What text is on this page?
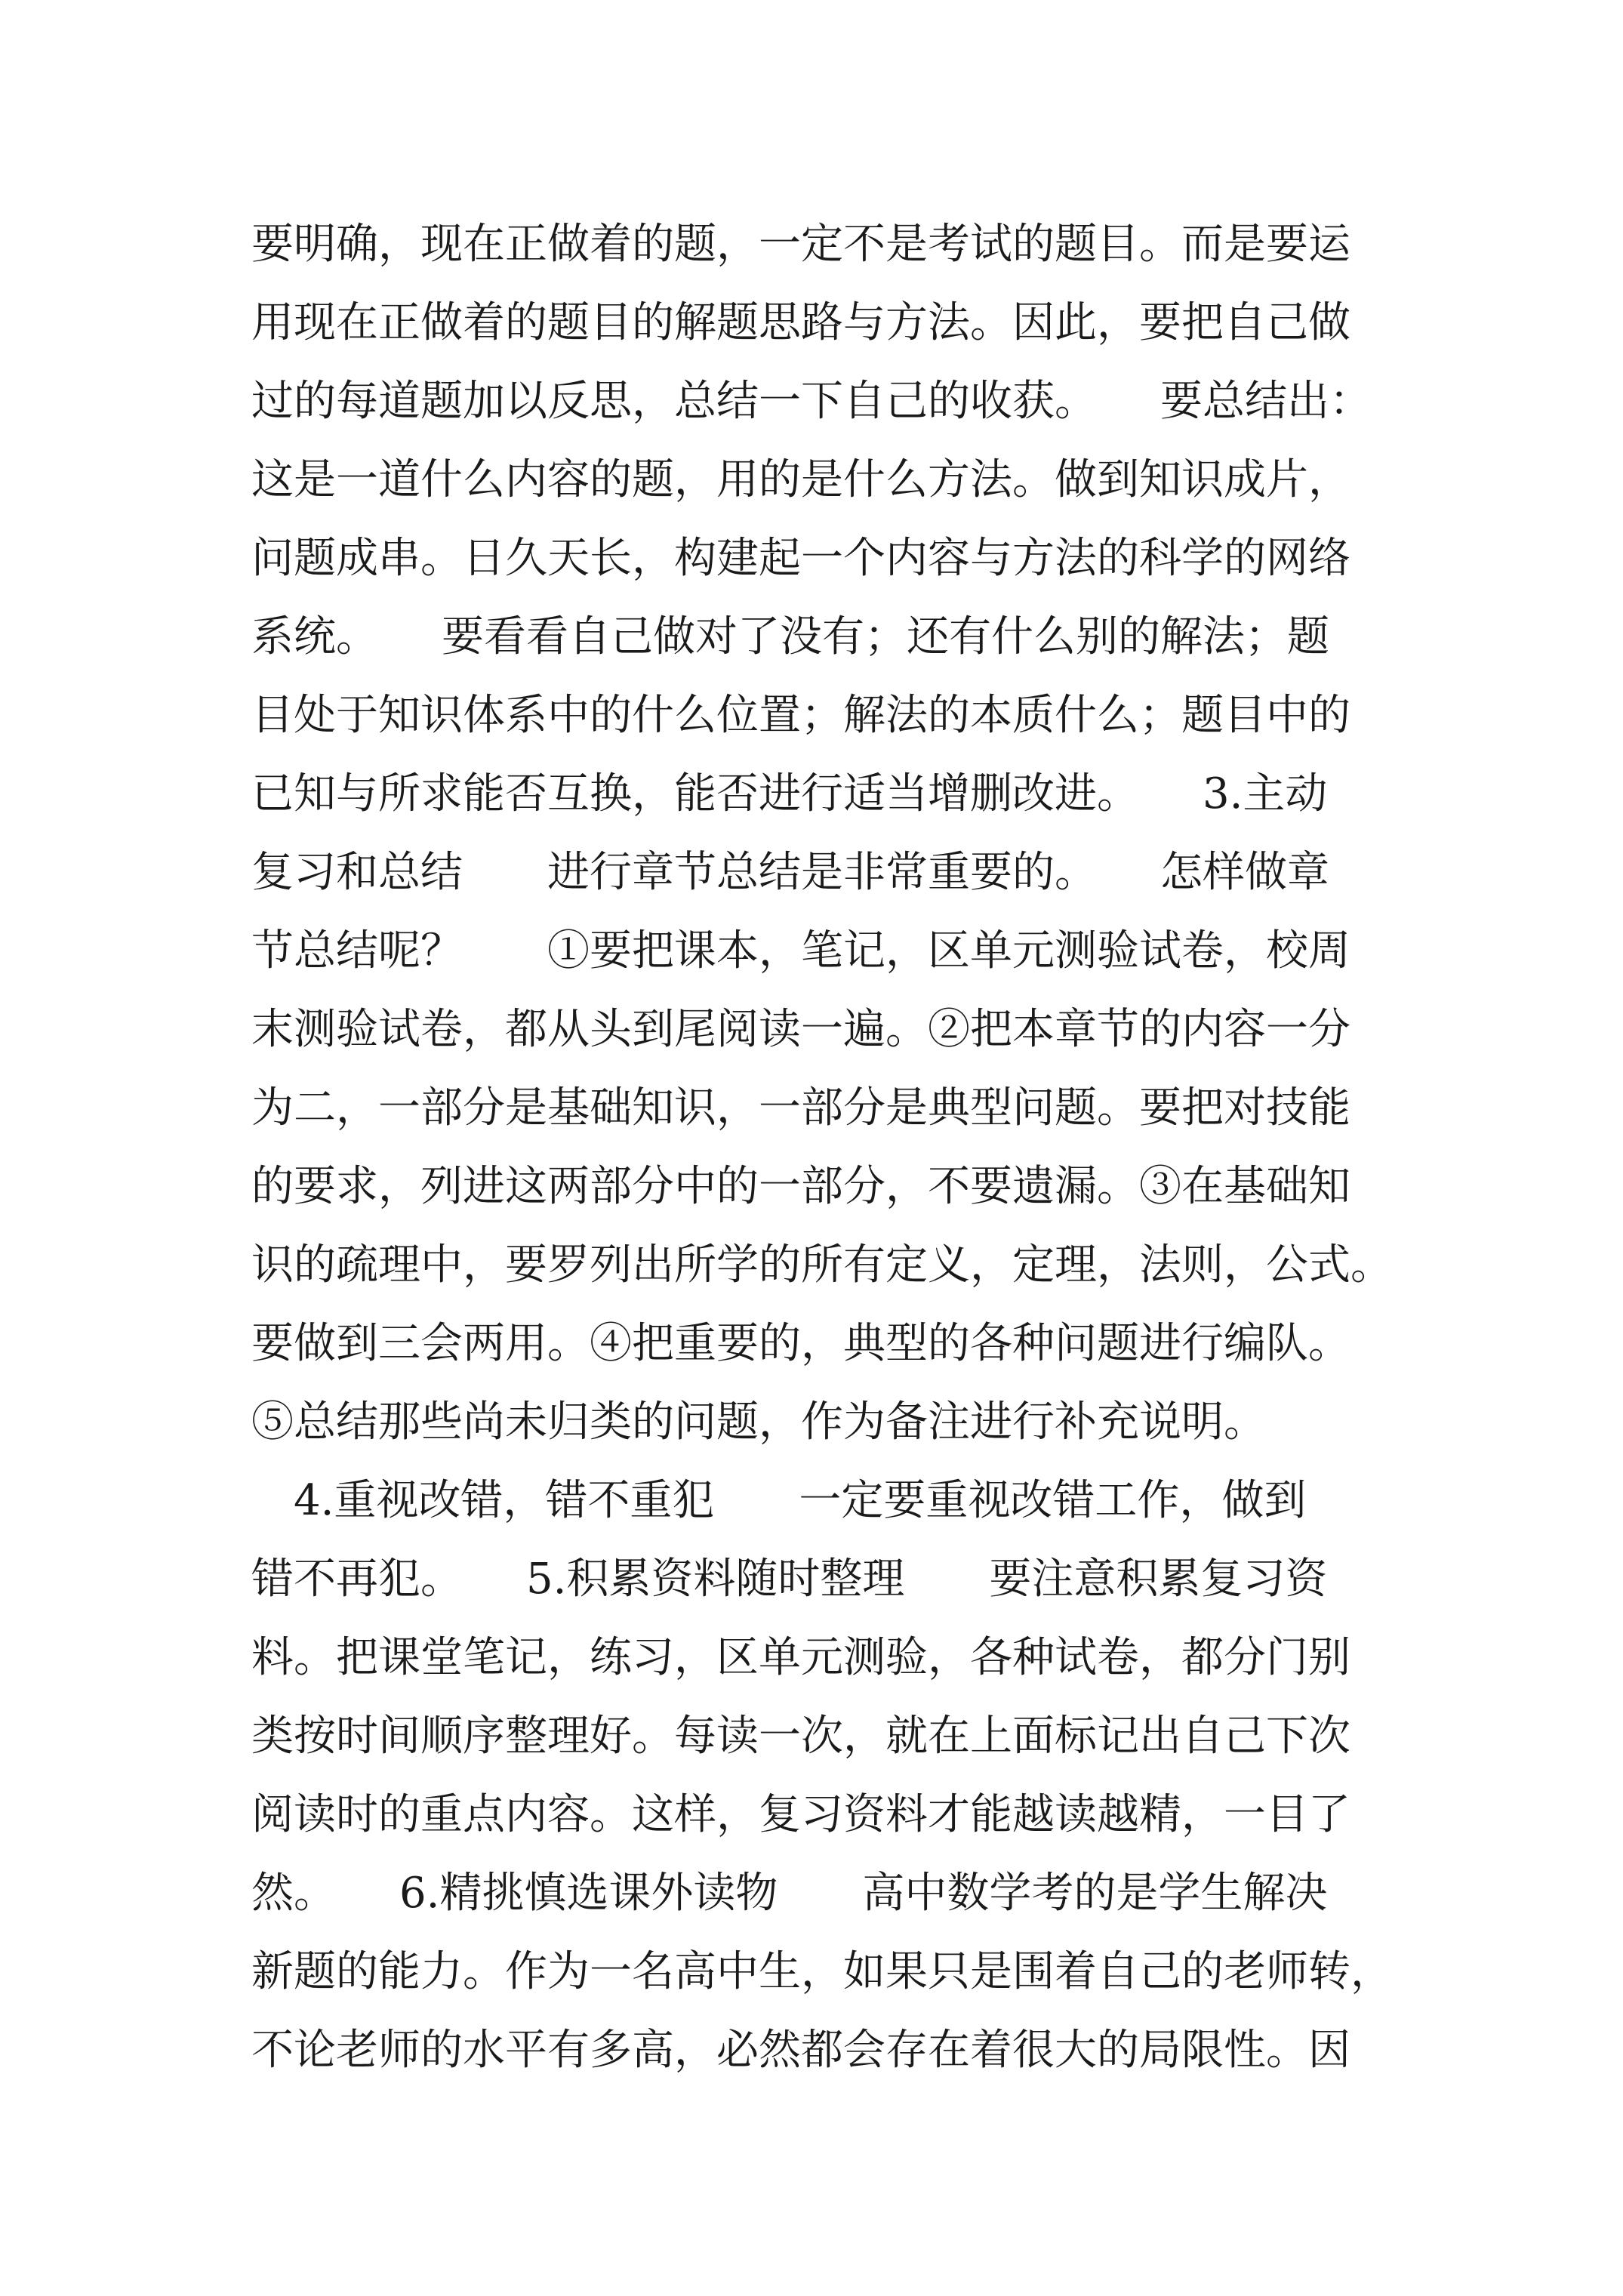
要明确，现在正做着的题，一定不是考试的题目。而是要运
用现在正做着的题目的解题思路与方法。因此，要把自己做
过的每道题加以反思，总结一下自己的收获。　　要总结出：
这是一道什么内容的题，用的是什么方法。做到知识成片，
问题成串。日久天长，构建起一个内容与方法的科学的网络
系统。　　要看看自己做对了没有；还有什么别的解法；题
目处于知识体系中的什么位置；解法的本质什么；题目中的
已知与所求能否互换，能否进行适当增删改进。　　3.主动
复习和总结　　进行章节总结是非常重要的。　　怎样做章
节总结呢？　　①要把课本，笔记，区单元测验试卷，校周
末测验试卷，都从头到尾阅读一遍。②把本章节的内容一分
为二，一部分是基础知识，一部分是典型问题。要把对技能
的要求，列进这两部分中的一部分，不要遗漏。③在基础知
识的疏理中，要罗列出所学的所有定义，定理，法则，公式。
要做到三会两用。④把重要的，典型的各种问题进行编队。
⑤总结那些尚未归类的问题，作为备注进行补充说明。
　4.重视改错，错不重犯　　一定要重视改错工作，做到
错不再犯。　　5.积累资料随时整理　　要注意积累复习资
料。把课堂笔记，练习，区单元测验，各种试卷，都分门别
类按时间顺序整理好。每读一次，就在上面标记出自己下次
阅读时的重点内容。这样，复习资料才能越读越精，一目了
然。　　6.精挑慎选课外读物　　高中数学考的是学生解决
新题的能力。作为一名高中生，如果只是围着自己的老师转，
不论老师的水平有多高，必然都会存在着很大的局限性。因
